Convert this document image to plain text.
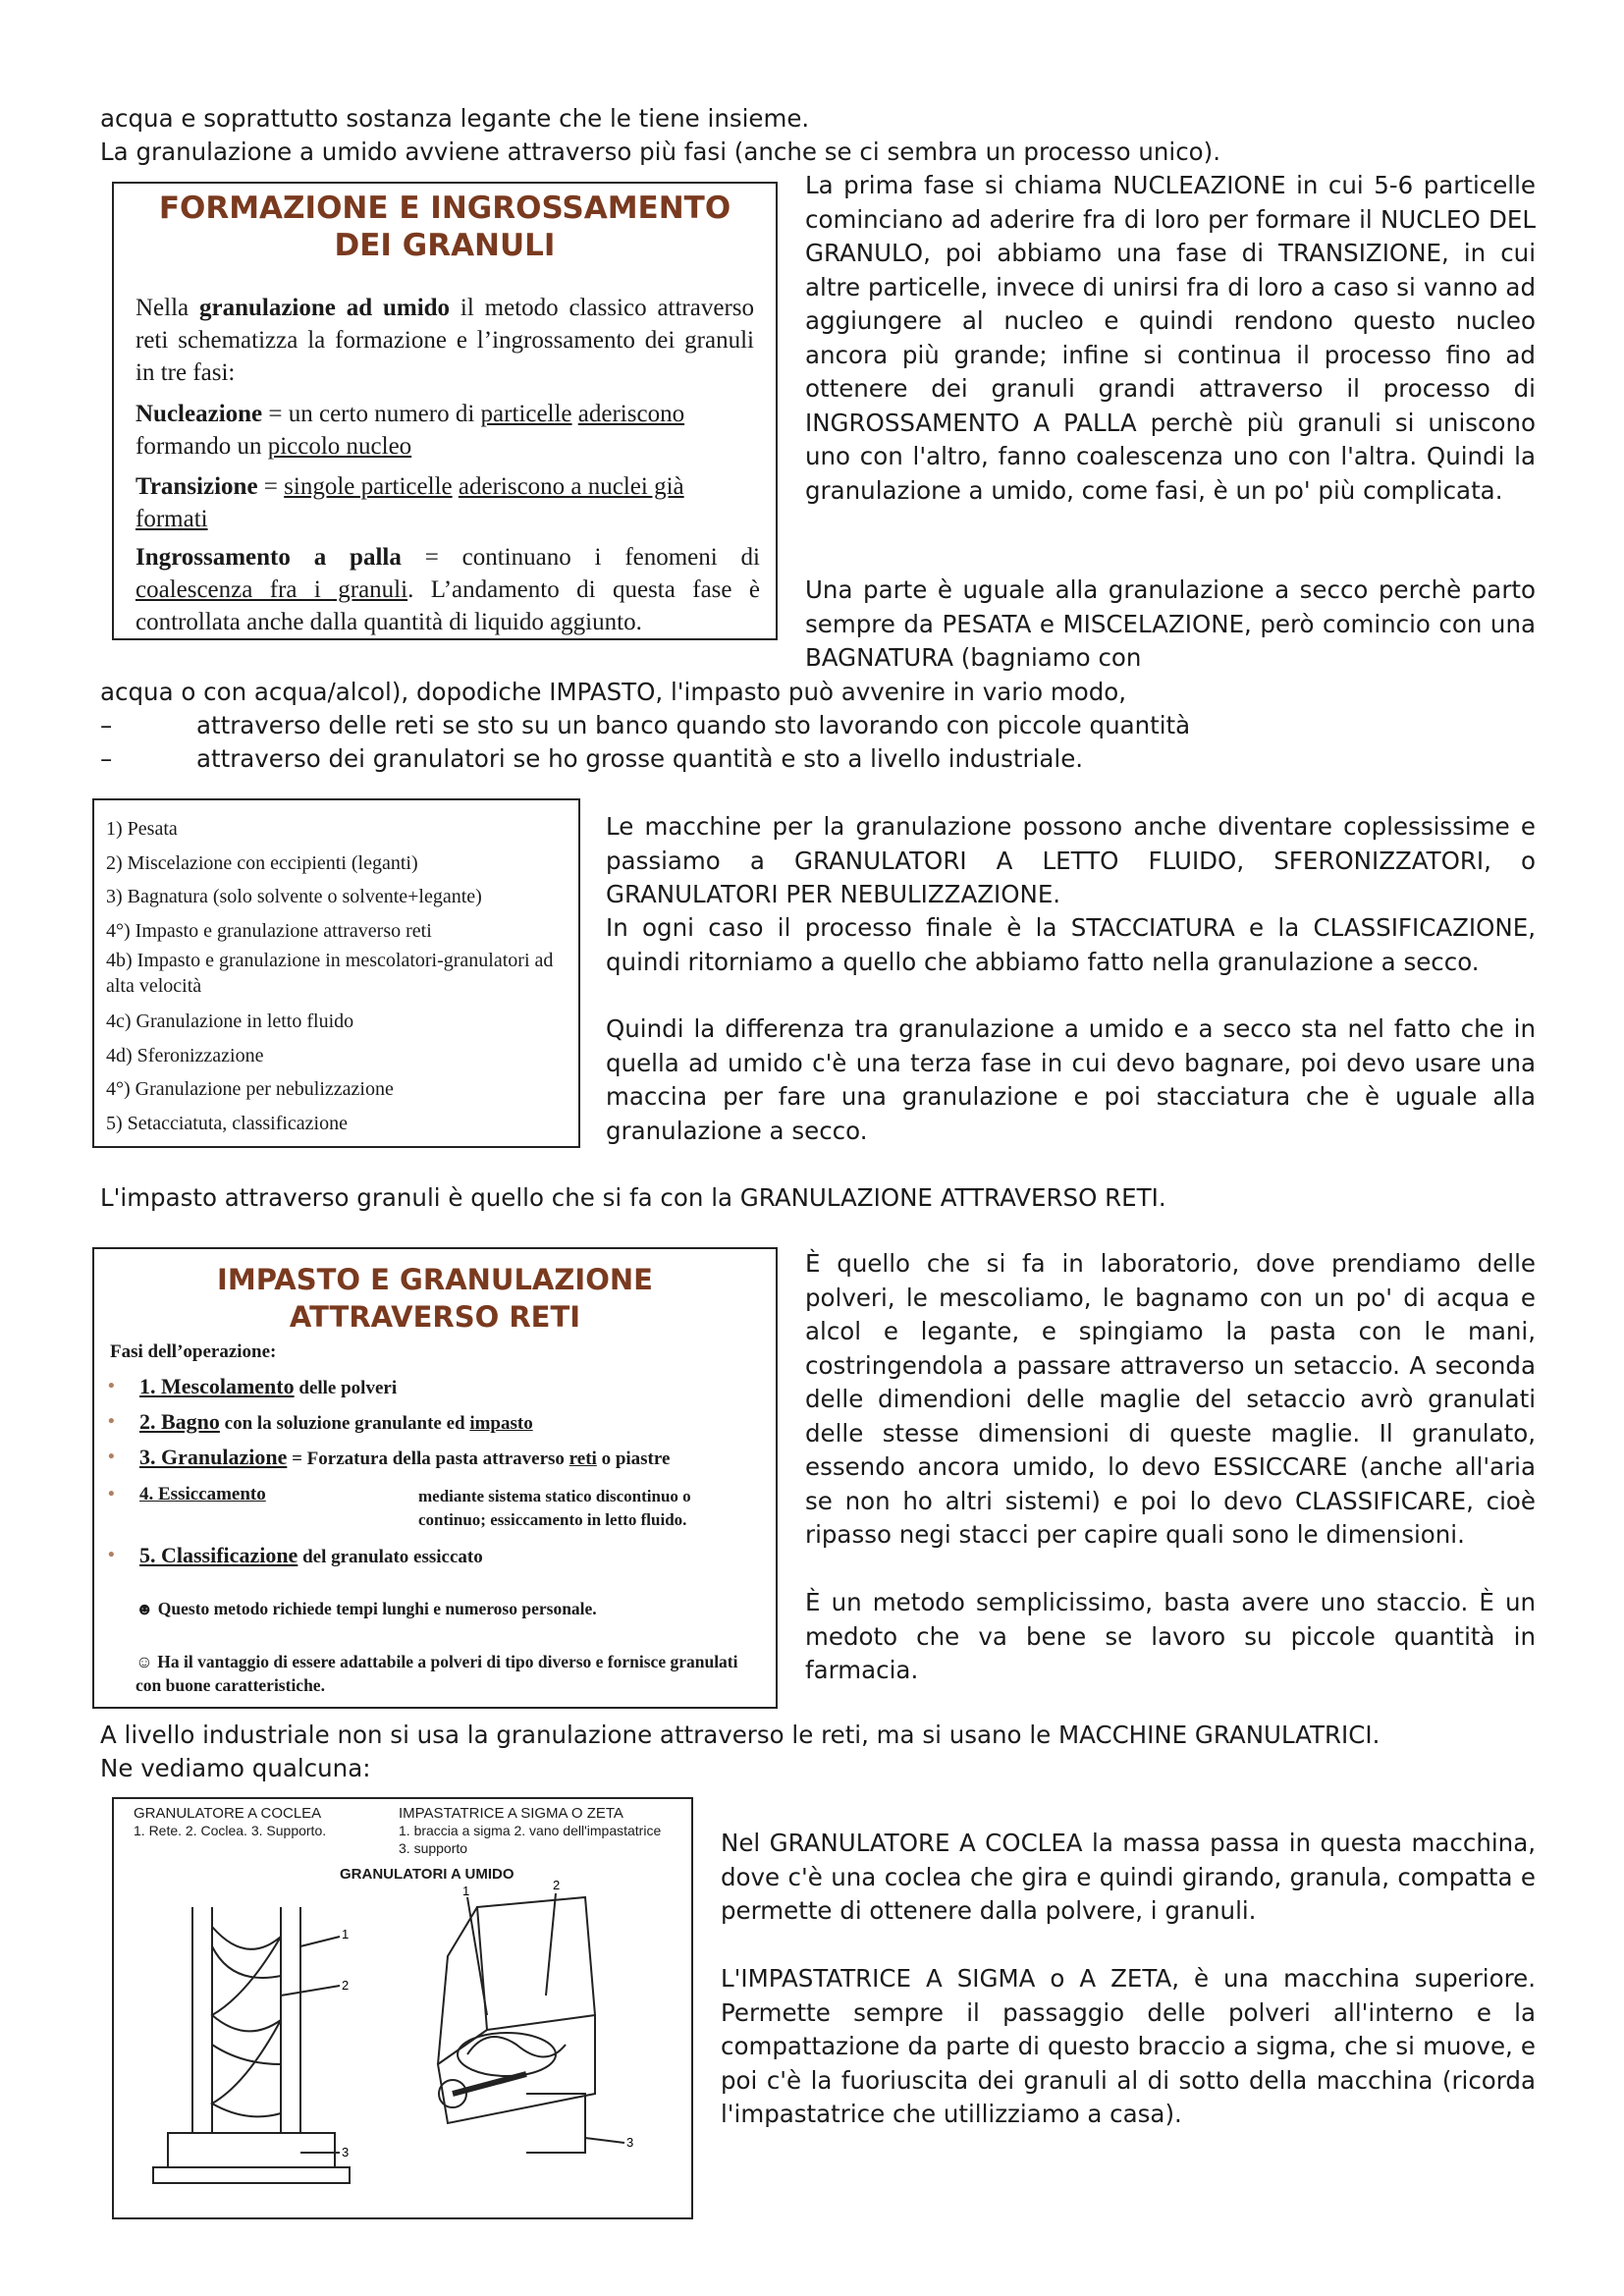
acqua e soprattutto sostanza legante che le tiene insieme.

La granulazione a umido avviene attraverso più fasi (anche se ci sembra un processo unico).

FORMAZIONE E INGROSSAMENTO
DEI GRANULI
Nella granulazione ad umido il metodo classico attraverso reti schematizza la formazione e l’ingrossamento dei granuli in tre fasi:
Nucleazione = un certo numero di particelle aderiscono formando un piccolo nucleo
Transizione = singole particelle aderiscono a nuclei già formati
Ingrossamento a palla = continuano i fenomeni di coalescenza fra i granuli. L’andamento di questa fase è controllata anche dalla quantità di liquido aggiunto.

La prima fase si chiama NUCLEAZIONE in cui 5-6 particelle cominciano ad aderire fra di loro per formare il NUCLEO DEL GRANULO, poi abbiamo una fase di TRANSIZIONE, in cui altre particelle, invece di unirsi fra di loro a caso si vanno ad aggiungere al nucleo e quindi rendono questo nucleo ancora più grande; infine si continua il processo fino ad ottenere dei granuli grandi attraverso il processo di INGROSSAMENTO A PALLA perchè più granuli si uniscono uno con l'altro, fanno coalescenza uno con l'altra. Quindi la granulazione a umido, come fasi, è un po' più complicata.

Una parte è uguale alla granulazione a secco perchè parto sempre da PESATA e MISCELAZIONE, però comincio con una BAGNATURA (bagniamo con

acqua o con acqua/alcol), dopodiche IMPASTO, l'impasto può avvenire in vario modo,

–	attraverso delle reti se sto su un banco quando sto lavorando con piccole quantità
–	attraverso dei granulatori se ho grosse quantità e sto a livello industriale.
1) Pesata
2) Miscelazione con eccipienti (leganti)
3) Bagnatura (solo solvente o solvente+legante)
4°) Impasto e granulazione attraverso reti
4b) Impasto e granulazione in mescolatori-granulatori ad alta velocità
4c) Granulazione in letto fluido
4d) Sferonizzazione
4°) Granulazione per nebulizzazione
5) Setacciatuta, classificazione

Le macchine per la granulazione possono anche diventare coplessissime e passiamo a GRANULATORI A LETTO FLUIDO, SFERONIZZATORI, o GRANULATORI PER NEBULIZZAZIONE.

In ogni caso il processo finale è la STACCIATURA e la CLASSIFICAZIONE, quindi ritorniamo a quello che abbiamo fatto nella granulazione a secco.

Quindi la differenza tra granulazione a umido e a secco sta nel fatto che in quella ad umido c'è una terza fase in cui devo bagnare, poi devo usare una maccina per fare una granulazione e poi stacciatura che è uguale alla granulazione a secco.

L'impasto attraverso granuli è quello che si fa con la GRANULAZIONE ATTRAVERSO RETI.

IMPASTO E GRANULAZIONE
ATTRAVERSO RETI
Fasi dell’operazione:
• 1. Mescolamento delle polveri
• 2. Bagno con la soluzione granulante ed impasto
• 3. Granulazione = Forzatura della pasta attraverso reti o piastre
• 4. Essiccamento	mediante sistema statico discontinuo o continuo; essiccamento in letto fluido.
• 5. Classificazione del granulato essiccato
☻ Questo metodo richiede tempi lunghi e numeroso personale.
☺ Ha il vantaggio di essere adattabile a polveri di tipo diverso e fornisce granulati con buone caratteristiche.

È quello che si fa in laboratorio, dove prendiamo delle polveri, le mescoliamo, le bagnamo con un po' di acqua e alcol e legante, e spingiamo la pasta con le mani, costringendola a passare attraverso un setaccio. A seconda delle dimendioni delle maglie del setaccio avrò granulati delle stesse dimensioni di queste maglie. Il granulato, essendo ancora umido, lo devo ESSICCARE (anche all'aria se non ho altri sistemi) e poi lo devo CLASSIFICARE, cioè ripasso negi stacci per capire quali sono le dimensioni.

È un metodo semplicissimo, basta avere uno staccio. È un medoto che va bene se lavoro su piccole quantità in farmacia.

A livello industriale non si usa la granulazione attraverso le reti, ma si usano le MACCHINE GRANULATRICI.

Ne vediamo qualcuna:

GRANULATORE A COCLEA
1. Rete. 2. Coclea. 3. Supporto.
IMPASTATRICE A SIGMA O ZETA
1. braccia a sigma 2. vano dell'impastatrice
3. supporto
GRANULATORI A UMIDO
1
2
3
1	2
3

Nel GRANULATORE A COCLEA la massa passa in questa macchina, dove c'è una coclea che gira e quindi girando, granula, compatta e permette di ottenere dalla polvere, i granuli.

L'IMPASTATRICE A SIGMA o A ZETA, è una macchina superiore. Permette sempre il passaggio delle polveri all'interno e la compattazione da parte di questo braccio a sigma, che si muove, e poi c'è la fuoriuscita dei granuli al di sotto della macchina (ricorda l'impastatrice che utillizziamo a casa).
